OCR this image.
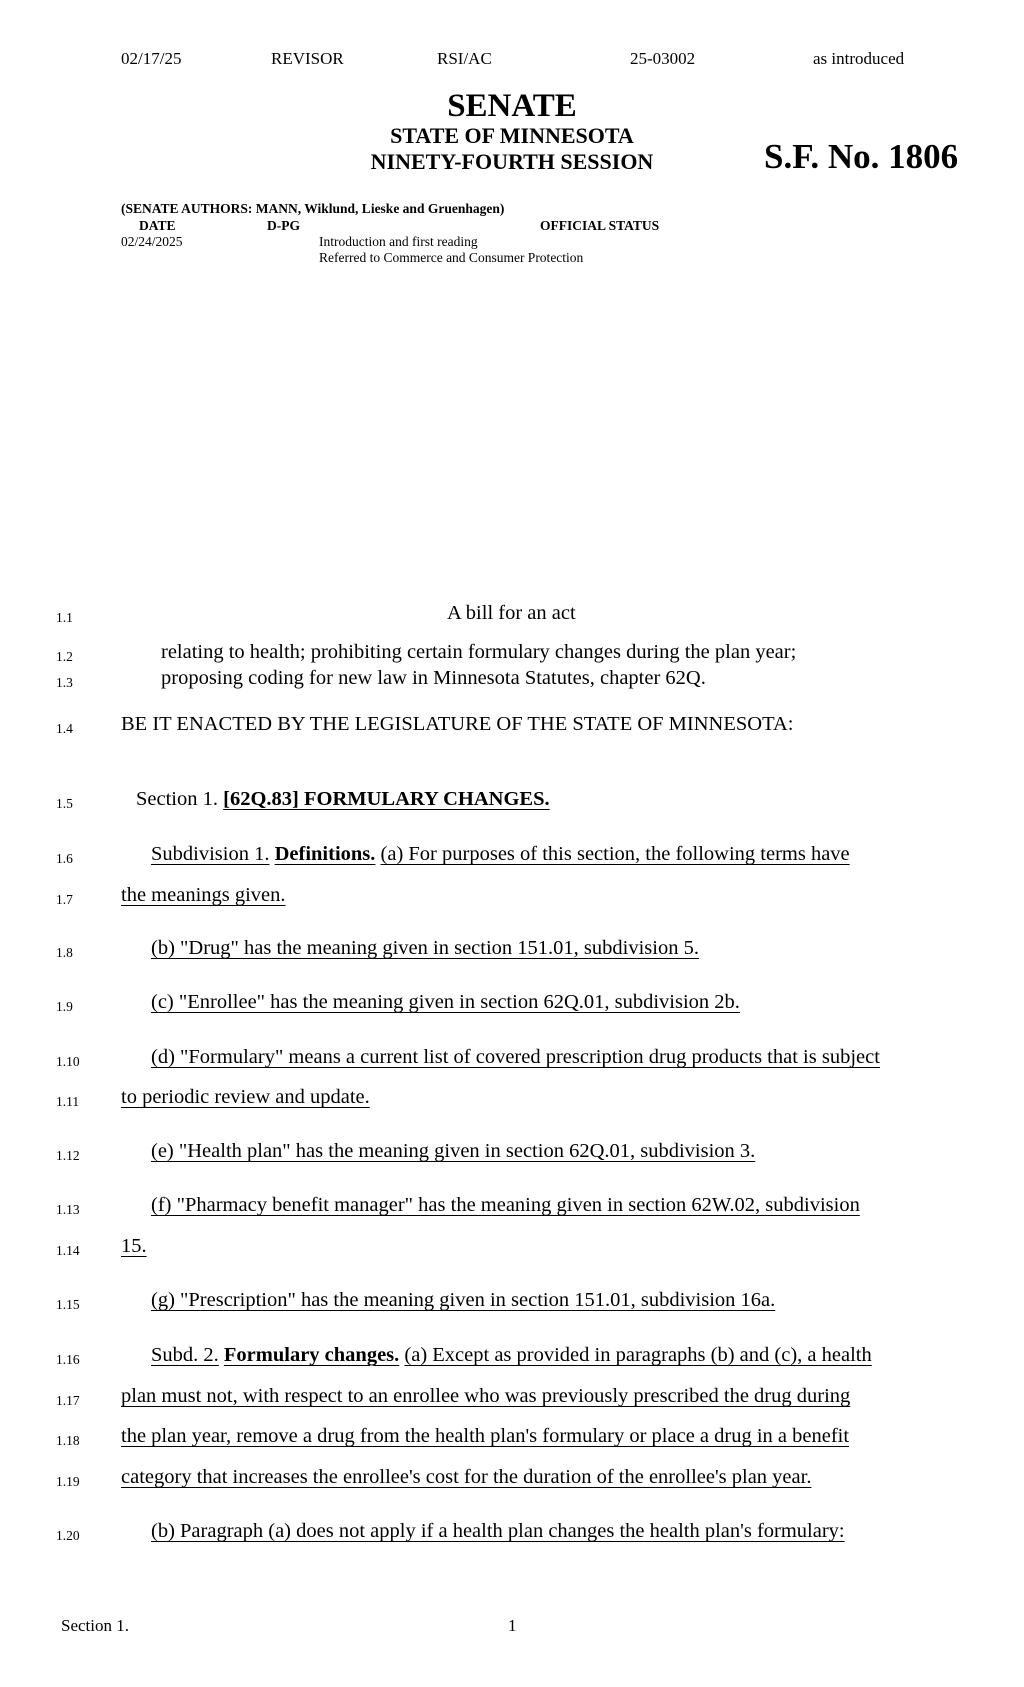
02/17/25	REVISOR	RSI/AC	25-03002	as introduced
SENATE
STATE OF MINNESOTA
NINETY-FOURTH SESSION	S.F. No. 1806
(SENATE AUTHORS: MANN, Wiklund, Lieske and Gruenhagen)
DATE	D-PG	OFFICIAL STATUS
02/24/2025	Introduction and first reading
Referred to Commerce and Consumer Protection
1.1	A bill for an act
1.2	relating to health; prohibiting certain formulary changes during the plan year;
1.3	proposing coding for new law in Minnesota Statutes, chapter 62Q.
1.4	BE IT ENACTED BY THE LEGISLATURE OF THE STATE OF MINNESOTA:
1.5	Section 1. [62Q.83] FORMULARY CHANGES.
1.6	Subdivision 1. Definitions. (a) For purposes of this section, the following terms have
1.7	the meanings given.
1.8	(b) "Drug" has the meaning given in section 151.01, subdivision 5.
1.9	(c) "Enrollee" has the meaning given in section 62Q.01, subdivision 2b.
1.10	(d) "Formulary" means a current list of covered prescription drug products that is subject
1.11	to periodic review and update.
1.12	(e) "Health plan" has the meaning given in section 62Q.01, subdivision 3.
1.13	(f) "Pharmacy benefit manager" has the meaning given in section 62W.02, subdivision
1.14	15.
1.15	(g) "Prescription" has the meaning given in section 151.01, subdivision 16a.
1.16	Subd. 2. Formulary changes. (a) Except as provided in paragraphs (b) and (c), a health
1.17	plan must not, with respect to an enrollee who was previously prescribed the drug during
1.18	the plan year, remove a drug from the health plan's formulary or place a drug in a benefit
1.19	category that increases the enrollee's cost for the duration of the enrollee's plan year.
1.20	(b) Paragraph (a) does not apply if a health plan changes the health plan's formulary:
Section 1.	1
